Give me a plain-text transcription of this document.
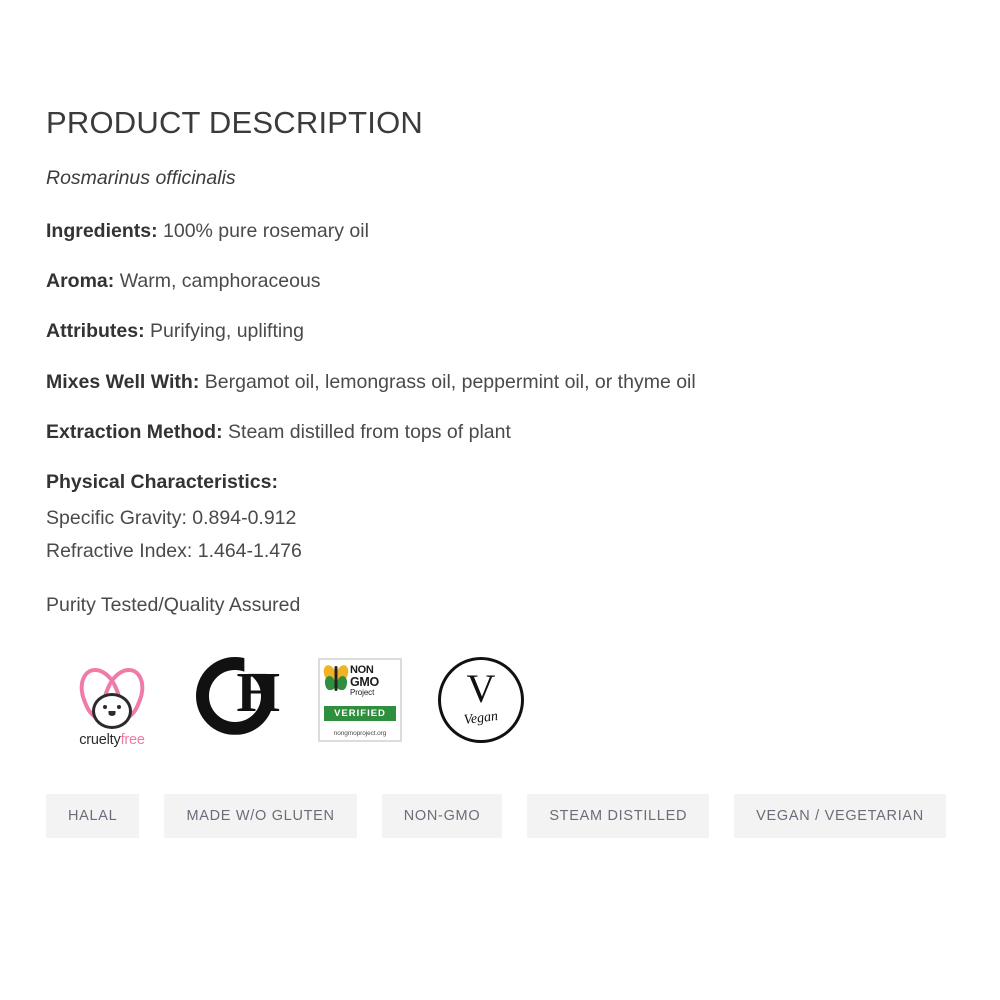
PRODUCT DESCRIPTION
Rosmarinus officinalis
Ingredients: 100% pure rosemary oil
Aroma: Warm, camphoraceous
Attributes: Purifying, uplifting
Mixes Well With: Bergamot oil, lemongrass oil, peppermint oil, or thyme oil
Extraction Method: Steam distilled from tops of plant
Physical Characteristics:
Specific Gravity: 0.894-0.912
Refractive Index: 1.464-1.476
Purity Tested/Quality Assured
crueltyfree
H	NON
GMO
Project
VERIFIED
nongmoproject.org
V
Vegan
HALAL	MADE W/O GLUTEN	NON-GMO	STEAM DISTILLED	VEGAN / VEGETARIAN
